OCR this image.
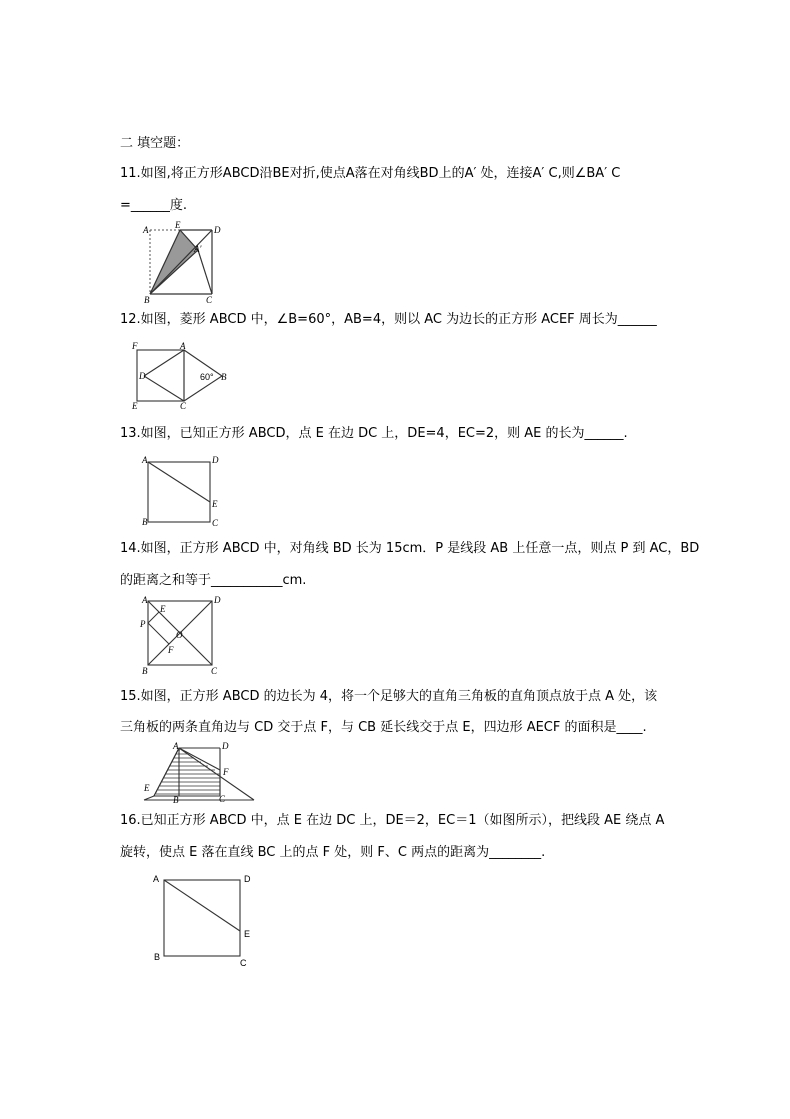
二 填空题：
11.如图,将正方形ABCD沿BE对折,使点A落在对角线BD上的A′ 处，连接A′ C,则∠BA′ C
=______度.
A	E	D
A′
B	C
12.如图，菱形 ABCD 中，∠B=60°，AB=4，则以 AC 为边长的正方形 ACEF 周长为______
F	A
D	60° B
E	C
13.如图，已知正方形 ABCD，点 E 在边 DC 上，DE=4，EC=2，则 AE 的长为______.
A	D
E
B	C
14.如图，正方形 ABCD 中，对角线 BD 长为 15cm．P 是线段 AB 上任意一点，则点 P 到 AC，BD
的距离之和等于___________cm.
A
E
D
P
O
F
B	C
15.如图，正方形 ABCD 的边长为 4，将一个足够大的直角三角板的直角顶点放于点 A 处，该
三角板的两条直角边与 CD 交于点 F，与 CB 延长线交于点 E，四边形 AECF 的面积是____.
A	D
F
E
B	C
16.已知正方形 ABCD 中，点 E 在边 DC 上，DE＝2，EC＝1（如图所示），把线段 AE 绕点 A
旋转，使点 E 落在直线 BC 上的点 F 处，则 F、C 两点的距离为________.
A	D
E
B
C
